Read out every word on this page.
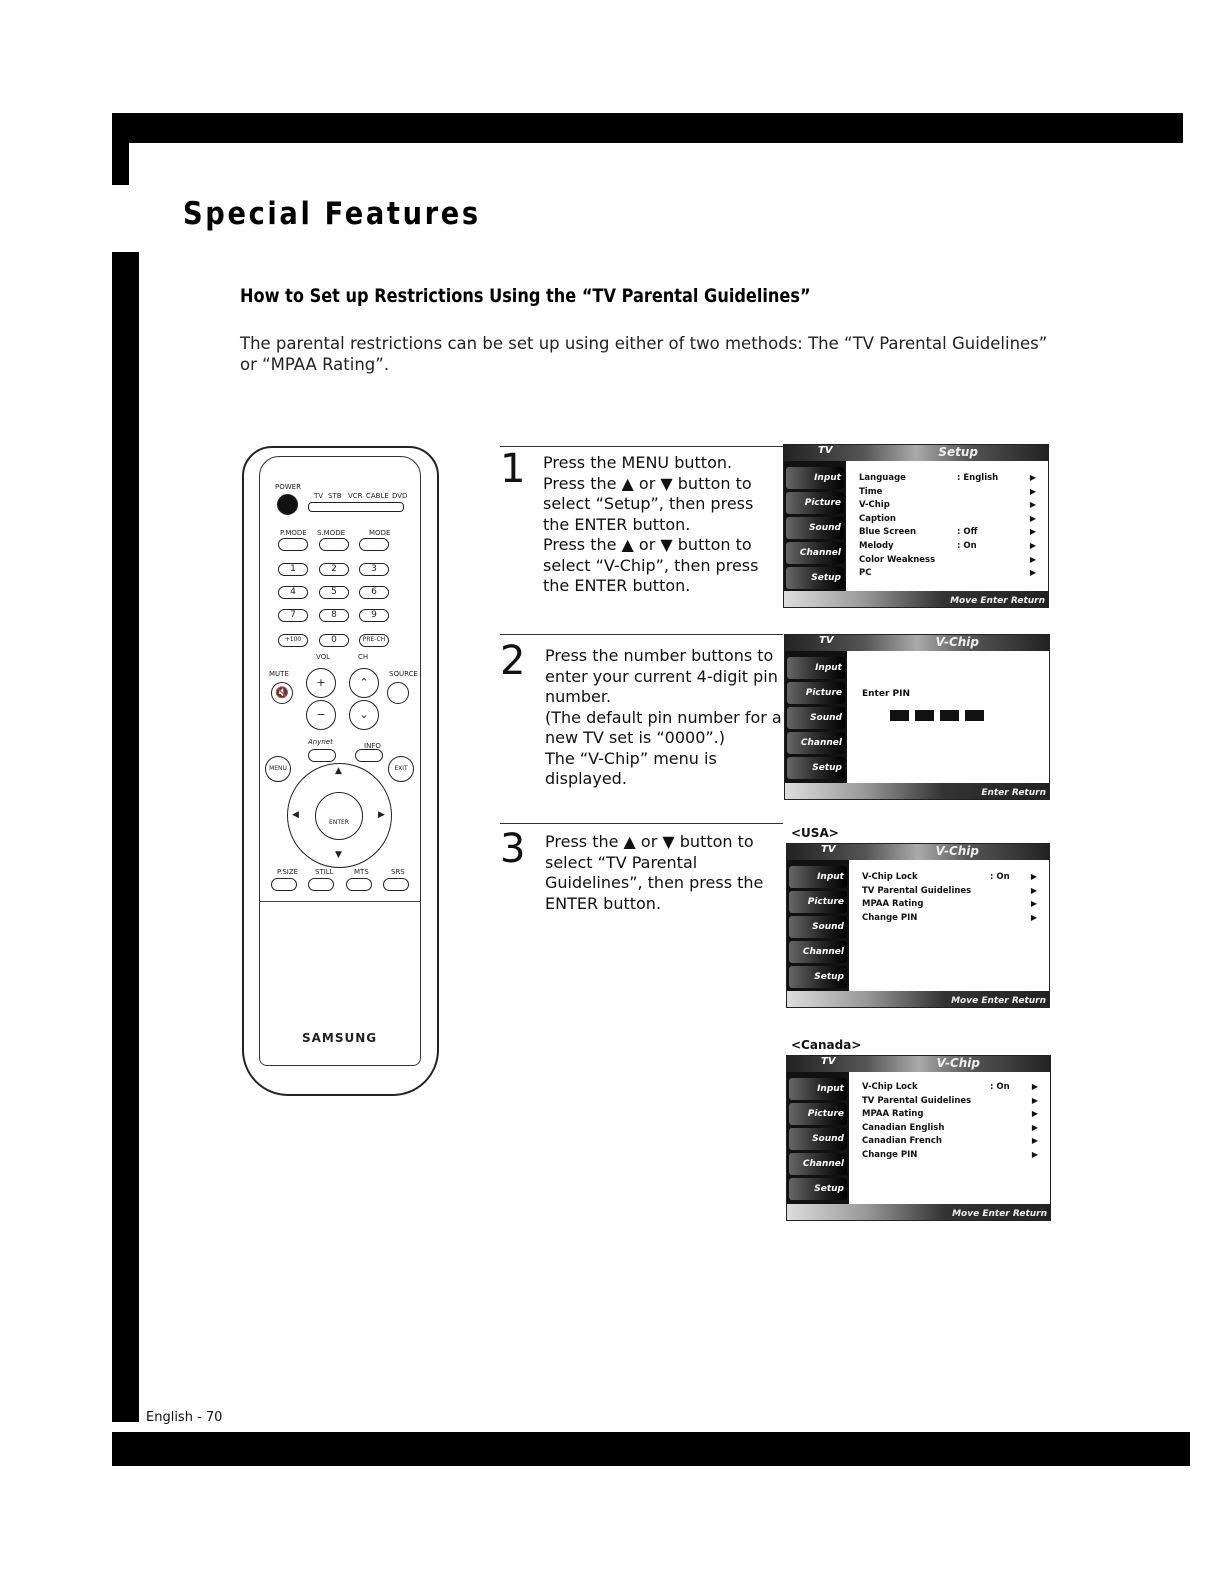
Special Features
How to Set up Restrictions Using the “TV Parental Guidelines”
The parental restrictions can be set up using either of two methods: The “TV Parental Guidelines” or “MPAA Rating”.
POWER
TV STB VCR CABLE DVD
P.MODE S.MODE	MODE
1	2	3
4	5	6
7	8	9
+100	0	PRE-CH
VOL	CH
MUTE	SOURCE
🔇
+
−
⌃
⌄
Anynet	INFO
MENU	EXIT
ENTER
▲
▼
◀	▶
P.SIZE STILL	MTS	SRS
SAMSUNG
1 Press the MENU button.
Press the ▲ or ▼ button to select “Setup”, then press the ENTER button.
Press the ▲ or ▼ button to select “V-Chip”, then press the ENTER button.
2 Press the number buttons to enter your current 4-digit pin number.
(The default pin number for a new TV set is “0000”.)
The “V-Chip” menu is displayed.
3 Press the ▲ or ▼ button to select “TV Parental Guidelines”, then press the ENTER button.
TV	Setup
Input
Picture
Sound
Channel
Setup
Language	: English	▶
Time	▶
V-Chip	▶
Caption	▶
Blue Screen	: Off	▶
Melody	: On	▶
Color Weakness	▶
PC	▶
Move Enter Return
TV	V-Chip
Input
Picture
Sound
Channel
Setup
Enter PIN
Enter Return
<USA>
TV	V-Chip
Input
Picture
Sound
Channel
Setup
V-Chip Lock	: On	▶
TV Parental Guidelines	▶
MPAA Rating	▶
Change PIN	▶
Move Enter Return
<Canada>
TV	V-Chip
Input
Picture
Sound
Channel
Setup
V-Chip Lock	: On	▶
TV Parental Guidelines	▶
MPAA Rating	▶
Canadian English	▶
Canadian French	▶
Change PIN	▶
Move Enter Return
English - 70
